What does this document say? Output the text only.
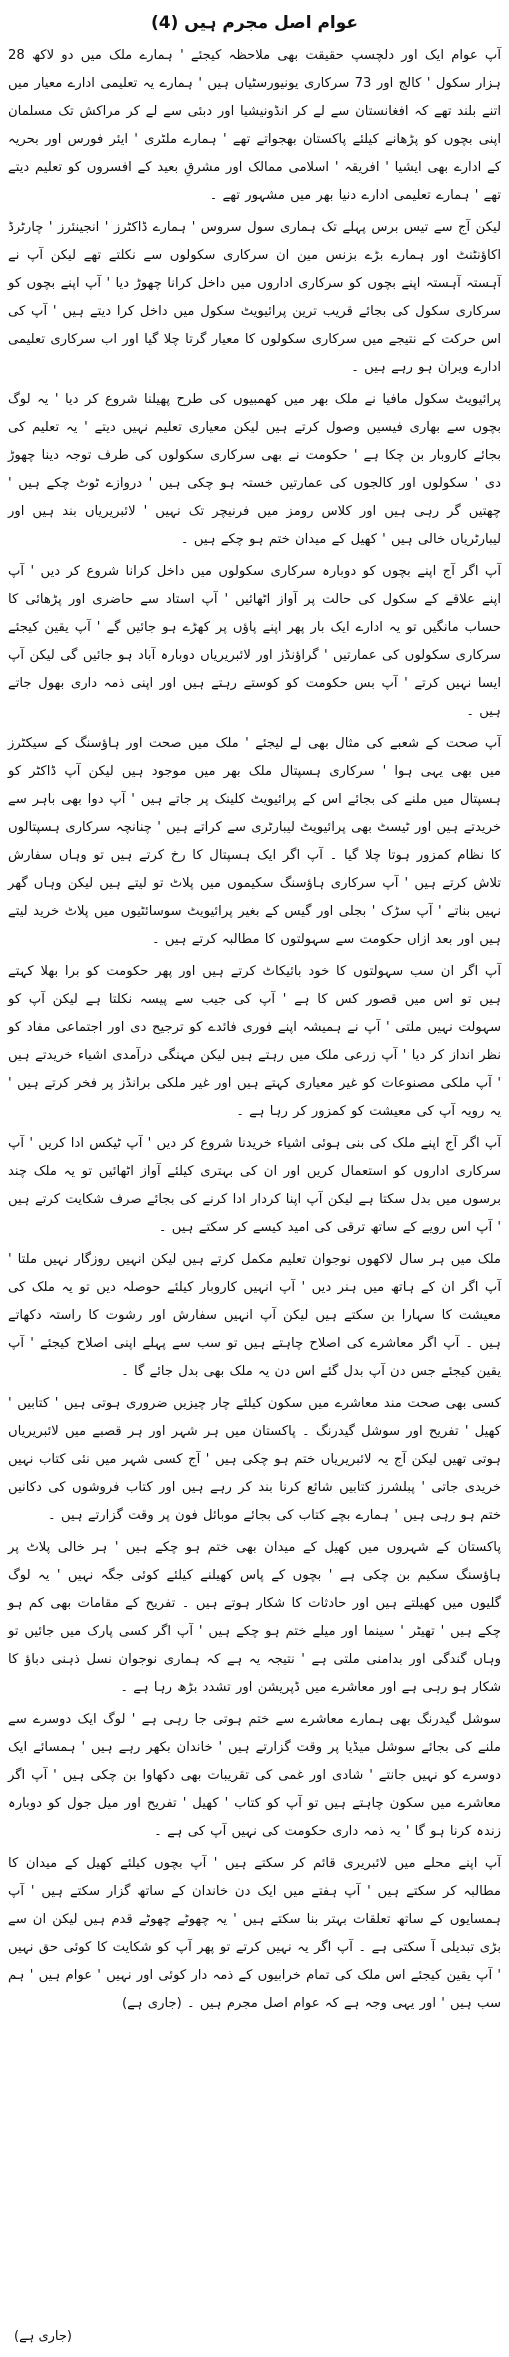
عوام اصل مجرم ہیں (4)
آپ عوام ایک اور دلچسپ حقیقت بھی ملاحظہ کیجئے ' ہمارے ملک میں دو لاکھ 28 ہزار سکول ' کالج اور 73 سرکاری یونیورسٹیاں ہیں ' ہمارے یہ تعلیمی ادارے معیار میں اتنے بلند تھے کہ افغانستان سے لے کر انڈونیشیا اور دبئی سے لے کر مراکش تک مسلمان اپنی بچوں کو پڑھانے کیلئے پاکستان بھجواتے تھے ' ہمارے ملٹری ' ایئر فورس اور بحریہ کے ادارے بھی ایشیا ' افریقہ ' اسلامی ممالک اور مشرقِ بعید کے افسروں کو تعلیم دیتے تھے ' ہمارے تعلیمی ادارے دنیا بھر میں مشہور تھے ۔
لیکن آج سے تیس برس پہلے تک ہماری سول سروس ' ہمارے ڈاکٹرز ' انجینئرز ' چارٹرڈ اکاؤنٹنٹ اور ہمارے بڑے بزنس مین ان سرکاری سکولوں سے نکلتے تھے لیکن آپ نے آہستہ آہستہ اپنے بچوں کو سرکاری اداروں میں داخل کرانا چھوڑ دیا ' آپ اپنے بچوں کو سرکاری سکول کی بجائے قریب ترین پرائیویٹ سکول میں داخل کرا دیتے ہیں ' آپ کی اس حرکت کے نتیجے میں سرکاری سکولوں کا معیار گرتا چلا گیا اور اب سرکاری تعلیمی ادارے ویران ہو رہے ہیں ۔
پرائیویٹ سکول مافیا نے ملک بھر میں کھمبیوں کی طرح پھیلنا شروع کر دیا ' یہ لوگ بچوں سے بھاری فیسیں وصول کرتے ہیں لیکن معیاری تعلیم نہیں دیتے ' یہ تعلیم کی بجائے کاروبار بن چکا ہے ' حکومت نے بھی سرکاری سکولوں کی طرف توجہ دینا چھوڑ دی ' سکولوں اور کالجوں کی عمارتیں خستہ ہو چکی ہیں ' دروازے ٹوٹ چکے ہیں ' چھتیں گر رہی ہیں اور کلاس رومز میں فرنیچر تک نہیں ' لائبریریاں بند ہیں اور لیبارٹریاں خالی ہیں ' کھیل کے میدان ختم ہو چکے ہیں ۔
آپ اگر آج اپنے بچوں کو دوبارہ سرکاری سکولوں میں داخل کرانا شروع کر دیں ' آپ اپنے علاقے کے سکول کی حالت پر آواز اٹھائیں ' آپ استاد سے حاضری اور پڑھائی کا حساب مانگیں تو یہ ادارے ایک بار پھر اپنے پاؤں پر کھڑے ہو جائیں گے ' آپ یقین کیجئے سرکاری سکولوں کی عمارتیں ' گراؤنڈز اور لائبریریاں دوبارہ آباد ہو جائیں گی لیکن آپ ایسا نہیں کرتے ' آپ بس حکومت کو کوستے رہتے ہیں اور اپنی ذمہ داری بھول جاتے ہیں ۔
آپ صحت کے شعبے کی مثال بھی لے لیجئے ' ملک میں صحت اور ہاؤسنگ کے سیکٹرز میں بھی یہی ہوا ' سرکاری ہسپتال ملک بھر میں موجود ہیں لیکن آپ ڈاکٹر کو ہسپتال میں ملنے کی بجائے اس کے پرائیویٹ کلینک پر جاتے ہیں ' آپ دوا بھی باہر سے خریدتے ہیں اور ٹیسٹ بھی پرائیویٹ لیبارٹری سے کراتے ہیں ' چنانچہ سرکاری ہسپتالوں کا نظام کمزور ہوتا چلا گیا ۔ آپ اگر ایک ہسپتال کا رخ کرتے ہیں تو وہاں سفارش تلاش کرتے ہیں ' آپ سرکاری ہاؤسنگ سکیموں میں پلاٹ تو لیتے ہیں لیکن وہاں گھر نہیں بناتے ' آپ سڑک ' بجلی اور گیس کے بغیر پرائیویٹ سوسائٹیوں میں پلاٹ خرید لیتے ہیں اور بعد ازاں حکومت سے سہولتوں کا مطالبہ کرتے ہیں ۔
آپ اگر ان سب سہولتوں کا خود بائیکاٹ کرتے ہیں اور پھر حکومت کو برا بھلا کہتے ہیں تو اس میں قصور کس کا ہے ' آپ کی جیب سے پیسہ نکلتا ہے لیکن آپ کو سہولت نہیں ملتی ' آپ نے ہمیشہ اپنے فوری فائدے کو ترجیح دی اور اجتماعی مفاد کو نظر انداز کر دیا ' آپ زرعی ملک میں رہتے ہیں لیکن مہنگی درآمدی اشیاء خریدتے ہیں ' آپ ملکی مصنوعات کو غیر معیاری کہتے ہیں اور غیر ملکی برانڈز پر فخر کرتے ہیں ' یہ رویہ آپ کی معیشت کو کمزور کر رہا ہے ۔
آپ اگر آج اپنے ملک کی بنی ہوئی اشیاء خریدنا شروع کر دیں ' آپ ٹیکس ادا کریں ' آپ سرکاری اداروں کو استعمال کریں اور ان کی بہتری کیلئے آواز اٹھائیں تو یہ ملک چند برسوں میں بدل سکتا ہے لیکن آپ اپنا کردار ادا کرنے کی بجائے صرف شکایت کرتے ہیں ' آپ اس رویے کے ساتھ ترقی کی امید کیسے کر سکتے ہیں ۔
ملک میں ہر سال لاکھوں نوجوان تعلیم مکمل کرتے ہیں لیکن انہیں روزگار نہیں ملتا ' آپ اگر ان کے ہاتھ میں ہنر دیں ' آپ انہیں کاروبار کیلئے حوصلہ دیں تو یہ ملک کی معیشت کا سہارا بن سکتے ہیں لیکن آپ انہیں سفارش اور رشوت کا راستہ دکھاتے ہیں ۔ آپ اگر معاشرے کی اصلاح چاہتے ہیں تو سب سے پہلے اپنی اصلاح کیجئے ' آپ یقین کیجئے جس دن آپ بدل گئے اس دن یہ ملک بھی بدل جائے گا ۔
کسی بھی صحت مند معاشرے میں سکون کیلئے چار چیزیں ضروری ہوتی ہیں ' کتابیں ' کھیل ' تفریح اور سوشل گیدرنگ ۔ پاکستان میں ہر شہر اور ہر قصبے میں لائبریریاں ہوتی تھیں لیکن آج یہ لائبریریاں ختم ہو چکی ہیں ' آج کسی شہر میں نئی کتاب نہیں خریدی جاتی ' پبلشرز کتابیں شائع کرنا بند کر رہے ہیں اور کتاب فروشوں کی دکانیں ختم ہو رہی ہیں ' ہمارے بچے کتاب کی بجائے موبائل فون پر وقت گزارتے ہیں ۔
پاکستان کے شہروں میں کھیل کے میدان بھی ختم ہو چکے ہیں ' ہر خالی پلاٹ پر ہاؤسنگ سکیم بن چکی ہے ' بچوں کے پاس کھیلنے کیلئے کوئی جگہ نہیں ' یہ لوگ گلیوں میں کھیلتے ہیں اور حادثات کا شکار ہوتے ہیں ۔ تفریح کے مقامات بھی کم ہو چکے ہیں ' تھیٹر ' سینما اور میلے ختم ہو چکے ہیں ' آپ اگر کسی پارک میں جائیں تو وہاں گندگی اور بدامنی ملتی ہے ' نتیجہ یہ ہے کہ ہماری نوجوان نسل ذہنی دباؤ کا شکار ہو رہی ہے اور معاشرے میں ڈپریشن اور تشدد بڑھ رہا ہے ۔
سوشل گیدرنگ بھی ہمارے معاشرے سے ختم ہوتی جا رہی ہے ' لوگ ایک دوسرے سے ملنے کی بجائے سوشل میڈیا پر وقت گزارتے ہیں ' خاندان بکھر رہے ہیں ' ہمسائے ایک دوسرے کو نہیں جانتے ' شادی اور غمی کی تقریبات بھی دکھاوا بن چکی ہیں ' آپ اگر معاشرے میں سکون چاہتے ہیں تو آپ کو کتاب ' کھیل ' تفریح اور میل جول کو دوبارہ زندہ کرنا ہو گا ' یہ ذمہ داری حکومت کی نہیں آپ کی ہے ۔
آپ اپنے محلے میں لائبریری قائم کر سکتے ہیں ' آپ بچوں کیلئے کھیل کے میدان کا مطالبہ کر سکتے ہیں ' آپ ہفتے میں ایک دن خاندان کے ساتھ گزار سکتے ہیں ' آپ ہمسایوں کے ساتھ تعلقات بہتر بنا سکتے ہیں ' یہ چھوٹے چھوٹے قدم ہیں لیکن ان سے بڑی تبدیلی آ سکتی ہے ۔ آپ اگر یہ نہیں کرتے تو پھر آپ کو شکایت کا کوئی حق نہیں ' آپ یقین کیجئے اس ملک کی تمام خرابیوں کے ذمہ دار کوئی اور نہیں ' عوام ہیں ' ہم سب ہیں ' اور یہی وجہ ہے کہ عوام اصل مجرم ہیں ۔ (جاری ہے)
(جاری ہے)
